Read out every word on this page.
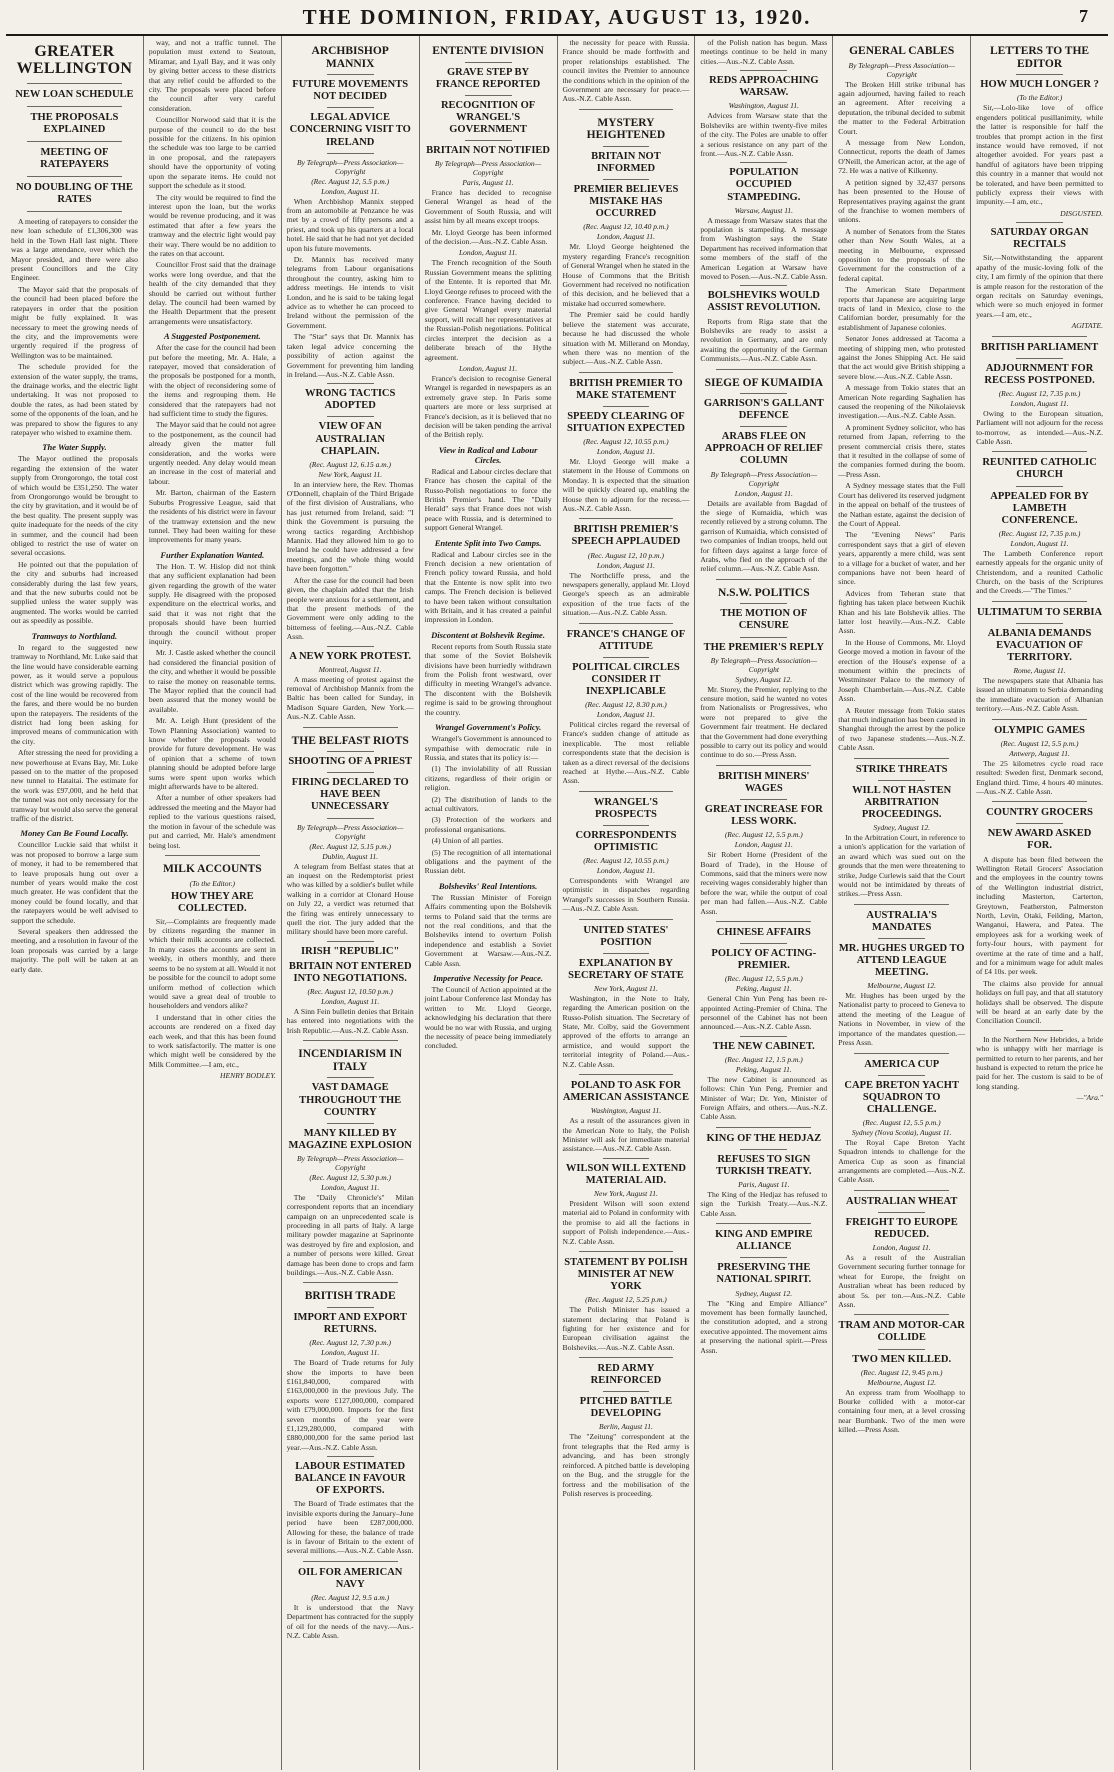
THE DOMINION, FRIDAY, AUGUST 13, 1920.	7
GREATER WELLINGTON
NEW LOAN SCHEDULE
THE PROPOSALS EXPLAINED
MEETING OF RATEPAYERS
NO DOUBLING OF THE RATES
A meeting of ratepayers to consider the new loan schedule of £1,306,300 was held in the Town Hall last night. There was a large attendance, over which the Mayor presided, and there were also present Councillors and the City Engineer.
The Mayor said that the proposals of the council had been placed before the ratepayers in order that the position might be fully explained. It was necessary to meet the growing needs of the city, and the improvements were urgently required if the progress of Wellington was to be maintained.
The schedule provided for the extension of the water supply, the trams, the drainage works, and the electric light undertaking. It was not proposed to double the rates, as had been stated by some of the opponents of the loan, and he was prepared to show the figures to any ratepayer who wished to examine them.
The Water Supply.
The Mayor outlined the proposals regarding the extension of the water supply from Orongorongo, the total cost of which would be £351,250. The water from Orongorongo would be brought to the city by gravitation, and it would be of the best quality. The present supply was quite inadequate for the needs of the city in summer, and the council had been obliged to restrict the use of water on several occasions.
He pointed out that the population of the city and suburbs had increased considerably during the last few years, and that the new suburbs could not be supplied unless the water supply was augmented. The works would be carried out as speedily as possible.
Tramways to Northland.
In regard to the suggested new tramway to Northland, Mr. Luke said that the line would have considerable earning power, as it would serve a populous district which was growing rapidly. The cost of the line would be recovered from the fares, and there would be no burden upon the ratepayers. The residents of the district had long been asking for improved means of communication with the city.
After stressing the need for providing a new powerhouse at Evans Bay, Mr. Luke passed on to the matter of the proposed new tunnel to Hataitai. The estimate for the work was £97,000, and he held that the tunnel was not only necessary for the tramway but would also serve the general traffic of the district.
Money Can Be Found Locally.
Councillor Luckie said that whilst it was not proposed to borrow a large sum of money, it had to be remembered that to leave proposals hung out over a number of years would make the cost much greater. He was confident that the money could be found locally, and that the ratepayers would be well advised to support the schedule.
Several speakers then addressed the meeting, and a resolution in favour of the loan proposals was carried by a large majority. The poll will be taken at an early date.
way, and not a traffic tunnel. The population must extend to Seatoun, Miramar, and Lyall Bay, and it was only by giving better access to these districts that any relief could be afforded to the city. The proposals were placed before the council after very careful consideration.
Councillor Norwood said that it is the purpose of the council to do the best possible for the citizens. In his opinion the schedule was too large to be carried in one proposal, and the ratepayers should have the opportunity of voting upon the separate items. He could not support the schedule as it stood.
The city would be required to find the interest upon the loan, but the works would be revenue producing, and it was estimated that after a few years the tramway and the electric light would pay their way. There would be no addition to the rates on that account.
Councillor Frost said that the drainage works were long overdue, and that the health of the city demanded that they should be carried out without further delay. The council had been warned by the Health Department that the present arrangements were unsatisfactory.
A Suggested Postponement.
After the case for the council had been put before the meeting, Mr. A. Hale, a ratepayer, moved that consideration of the proposals be postponed for a month, with the object of reconsidering some of the items and regrouping them. He considered that the ratepayers had not had sufficient time to study the figures.
The Mayor said that he could not agree to the postponement, as the council had already given the matter full consideration, and the works were urgently needed. Any delay would mean an increase in the cost of material and labour.
Mr. Barton, chairman of the Eastern Suburbs Progressive League, said that the residents of his district were in favour of the tramway extension and the new tunnel. They had been waiting for these improvements for many years.
Further Explanation Wanted.
The Hon. T. W. Hislop did not think that any sufficient explanation had been given regarding the growth of the water supply. He disagreed with the proposed expenditure on the electrical works, and said that it was not right that the proposals should have been hurried through the council without proper inquiry.
Mr. J. Castle asked whether the council had considered the financial position of the city, and whether it would be possible to raise the money on reasonable terms. The Mayor replied that the council had been assured that the money would be available.
Mr. A. Leigh Hunt (president of the Town Planning Association) wanted to know whether the proposals would provide for future development. He was of opinion that a scheme of town planning should be adopted before large sums were spent upon works which might afterwards have to be altered.
After a number of other speakers had addressed the meeting and the Mayor had replied to the various questions raised, the motion in favour of the schedule was put and carried, Mr. Hale's amendment being lost.
MILK ACCOUNTS
(To the Editor.)
HOW THEY ARE COLLECTED.
Sir,—Complaints are frequently made by citizens regarding the manner in which their milk accounts are collected. In many cases the accounts are sent in weekly, in others monthly, and there seems to be no system at all. Would it not be possible for the council to adopt some uniform method of collection which would save a great deal of trouble to householders and vendors alike?
I understand that in other cities the accounts are rendered on a fixed day each week, and that this has been found to work satisfactorily. The matter is one which might well be considered by the Milk Committee.—I am, etc.,
HENRY BODLEY.
ARCHBISHOP MANNIX
FUTURE MOVEMENTS NOT DECIDED
LEGAL ADVICE CONCERNING VISIT TO IRELAND
By Telegraph—Press Association—Copyright
(Rec. August 12, 5.5 p.m.)
London, August 11.
When Archbishop Mannix stepped from an automobile at Penzance he was met by a crowd of fifty persons and a priest, and took up his quarters at a local hotel. He said that he had not yet decided upon his future movements.
Dr. Mannix has received many telegrams from Labour organisations throughout the country, asking him to address meetings. He intends to visit London, and he is said to be taking legal advice as to whether he can proceed to Ireland without the permission of the Government.
The "Star" says that Dr. Mannix has taken legal advice concerning the possibility of action against the Government for preventing him landing in Ireland.—Aus.-N.Z. Cable Assn.
WRONG TACTICS ADOPTED
VIEW OF AN AUSTRALIAN CHAPLAIN.
(Rec. August 12, 6.15 a.m.)
New York, August 11.
In an interview here, the Rev. Thomas O'Donnell, chaplain of the Third Brigade of the first division of Australians, who has just returned from Ireland, said: "I think the Government is pursuing the wrong tactics regarding Archbishop Mannix. Had they allowed him to go to Ireland he could have addressed a few meetings, and the whole thing would have been forgotten."
After the case for the council had been given, the chaplain added that the Irish people were anxious for a settlement, and that the present methods of the Government were only adding to the bitterness of feeling.—Aus.-N.Z. Cable Assn.
A NEW YORK PROTEST.
Montreal, August 11.
A mass meeting of protest against the removal of Archbishop Mannix from the Baltic has been called for Sunday, in Madison Square Garden, New York.—Aus.-N.Z. Cable Assn.
THE BELFAST RIOTS
SHOOTING OF A PRIEST
FIRING DECLARED TO HAVE BEEN UNNECESSARY
By Telegraph—Press Association—Copyright
(Rec. August 12, 5.15 p.m.)
Dublin, August 11.
A telegram from Belfast states that at an inquest on the Redemptorist priest who was killed by a soldier's bullet while walking in a corridor at Clonard House on July 22, a verdict was returned that the firing was entirely unnecessary to quell the riot. The jury added that the military should have been more careful.
IRISH "REPUBLIC"
BRITAIN NOT ENTERED INTO NEGOTIATIONS.
(Rec. August 12, 10.50 p.m.)
London, August 11.
A Sinn Fein bulletin denies that Britain has entered into negotiations with the Irish Republic.—Aus.-N.Z. Cable Assn.
INCENDIARISM IN ITALY
VAST DAMAGE THROUGHOUT THE COUNTRY
MANY KILLED BY MAGAZINE EXPLOSION
By Telegraph—Press Association—Copyright
(Rec. August 12, 5.30 p.m.)
London, August 11.
The "Daily Chronicle's" Milan correspondent reports that an incendiary campaign on an unprecedented scale is proceeding in all parts of Italy. A large military powder magazine at Saprinonte was destroyed by fire and explosion, and a number of persons were killed. Great damage has been done to crops and farm buildings.—Aus.-N.Z. Cable Assn.
BRITISH TRADE
IMPORT AND EXPORT RETURNS.
(Rec. August 12, 7.30 p.m.)
London, August 11.
The Board of Trade returns for July show the imports to have been £161,840,000, compared with £163,000,000 in the previous July. The exports were £127,000,000, compared with £79,000,000. Imports for the first seven months of the year were £1,129,280,000, compared with £880,000,000 for the same period last year.—Aus.-N.Z. Cable Assn.
LABOUR ESTIMATED BALANCE IN FAVOUR OF EXPORTS.
The Board of Trade estimates that the invisible exports during the January–June period have been £287,000,000. Allowing for these, the balance of trade is in favour of Britain to the extent of several millions.—Aus.-N.Z. Cable Assn.
OIL FOR AMERICAN NAVY
(Rec. August 12, 9.5 a.m.)
It is understood that the Navy Department has contracted for the supply of oil for the needs of the navy.—Aus.-N.Z. Cable Assn.
ENTENTE DIVISION
GRAVE STEP BY FRANCE REPORTED
RECOGNITION OF WRANGEL'S GOVERNMENT
BRITAIN NOT NOTIFIED
By Telegraph—Press Association—Copyright
Paris, August 11.
France has decided to recognise General Wrangel as head of the Government of South Russia, and will assist him by all means except troops.
Mr. Lloyd George has been informed of the decision.—Aus.-N.Z. Cable Assn.
London, August 11.
The French recognition of the South Russian Government means the splitting of the Entente. It is reported that Mr. Lloyd George refuses to proceed with the conference. France having decided to give General Wrangel every material support, will recall her representatives at the Russian-Polish negotiations. Political circles interpret the decision as a deliberate breach of the Hythe agreement.
London, August 11.
France's decision to recognise General Wrangel is regarded in newspapers as an extremely grave step. In Paris some quarters are more or less surprised at France's decision, as it is believed that no decision will be taken pending the arrival of the British reply.
View in Radical and Labour Circles.
Radical and Labour circles declare that France has chosen the capital of the Russo-Polish negotiations to force the British Premier's hand. The "Daily Herald" says that France does not wish peace with Russia, and is determined to support General Wrangel.
Entente Split into Two Camps.
Radical and Labour circles see in the French decision a new orientation of French policy toward Russia, and hold that the Entente is now split into two camps. The French decision is believed to have been taken without consultation with Britain, and it has created a painful impression in London.
Discontent at Bolshevik Regime.
Recent reports from South Russia state that some of the Soviet Bolshevik divisions have been hurriedly withdrawn from the Polish front westward, over difficulty in meeting Wrangel's advance. The discontent with the Bolshevik regime is said to be growing throughout the country.
Wrangel Government's Policy.
Wrangel's Government is announced to sympathise with democratic rule in Russia, and states that its policy is:—
(1) The inviolability of all Russian citizens, regardless of their origin or religion.
(2) The distribution of lands to the actual cultivators.
(3) Protection of the workers and professional organisations.
(4) Union of all parties.
(5) The recognition of all international obligations and the payment of the Russian debt.
Bolsheviks' Real Intentions.
The Russian Minister of Foreign Affairs commenting upon the Bolshevik terms to Poland said that the terms are not the real conditions, and that the Bolsheviks intend to overturn Polish independence and establish a Soviet Government at Warsaw.—Aus.-N.Z. Cable Assn.
Imperative Necessity for Peace.
The Council of Action appointed at the joint Labour Conference last Monday has written to Mr. Lloyd George, acknowledging his declaration that there would be no war with Russia, and urging the necessity of peace being immediately concluded.
the necessity for peace with Russia. France should be made forthwith and proper relationships established. The council invites the Premier to announce the conditions which in the opinion of the Government are necessary for peace.—Aus.-N.Z. Cable Assn.
MYSTERY HEIGHTENED
BRITAIN NOT INFORMED
PREMIER BELIEVES MISTAKE HAS OCCURRED
(Rec. August 12, 10.40 p.m.)
London, August 11.
Mr. Lloyd George heightened the mystery regarding France's recognition of General Wrangel when he stated in the House of Commons that the British Government had received no notification of this decision, and he believed that a mistake had occurred somewhere.
The Premier said he could hardly believe the statement was accurate, because he had discussed the whole situation with M. Millerand on Monday, when there was no mention of the subject.—Aus.-N.Z. Cable Assn.
BRITISH PREMIER TO MAKE STATEMENT
SPEEDY CLEARING OF SITUATION EXPECTED
(Rec. August 12, 10.55 p.m.)
London, August 11.
Mr. Lloyd George will make a statement in the House of Commons on Monday. It is expected that the situation will be quickly cleared up, enabling the House then to adjourn for the recess.—Aus.-N.Z. Cable Assn.
BRITISH PREMIER'S SPEECH APPLAUDED
(Rec. August 12, 10 p.m.)
London, August 11.
The Northcliffe press, and the newspapers generally, applaud Mr. Lloyd George's speech as an admirable exposition of the true facts of the situation.—Aus.-N.Z. Cable Assn.
FRANCE'S CHANGE OF ATTITUDE
POLITICAL CIRCLES CONSIDER IT INEXPLICABLE
(Rec. August 12, 8.30 p.m.)
London, August 11.
Political circles regard the reversal of France's sudden change of attitude as inexplicable. The most reliable correspondents state that the decision is taken as a direct reversal of the decisions reached at Hythe.—Aus.-N.Z. Cable Assn.
WRANGEL'S PROSPECTS
CORRESPONDENTS OPTIMISTIC
(Rec. August 12, 10.55 p.m.)
London, August 11.
Correspondents with Wrangel are optimistic in dispatches regarding Wrangel's successes in Southern Russia.—Aus.-N.Z. Cable Assn.
UNITED STATES' POSITION
EXPLANATION BY SECRETARY OF STATE
New York, August 11.
Washington, in the Note to Italy, regarding the American position on the Russo-Polish situation. The Secretary of State, Mr. Colby, said the Government approved of the efforts to arrange an armistice, and would support the territorial integrity of Poland.—Aus.-N.Z. Cable Assn.
POLAND TO ASK FOR AMERICAN ASSISTANCE
Washington, August 11.
As a result of the assurances given in the American Note to Italy, the Polish Minister will ask for immediate material assistance.—Aus.-N.Z. Cable Assn.
WILSON WILL EXTEND MATERIAL AID.
New York, August 11.
President Wilson will soon extend material aid to Poland in conformity with the promise to aid all the factions in support of Polish independence.—Aus.-N.Z. Cable Assn.
STATEMENT BY POLISH MINISTER AT NEW YORK
(Rec. August 12, 5.25 p.m.)
The Polish Minister has issued a statement declaring that Poland is fighting for her existence and for European civilisation against the Bolsheviks.—Aus.-N.Z. Cable Assn.
RED ARMY REINFORCED
PITCHED BATTLE DEVELOPING
Berlin, August 11.
The "Zeitung" correspondent at the front telegraphs that the Red army is advancing, and has been strongly reinforced. A pitched battle is developing on the Bug, and the struggle for the fortress and the mobilisation of the Polish reserves is proceeding.
of the Polish nation has begun. Mass meetings continue to be held in many cities.—Aus.-N.Z. Cable Assn.
REDS APPROACHING WARSAW.
Washington, August 11.
Advices from Warsaw state that the Bolsheviks are within twenty-five miles of the city. The Poles are unable to offer a serious resistance on any part of the front.—Aus.-N.Z. Cable Assn.
POPULATION OCCUPIED STAMPEDING.
Warsaw, August 11.
A message from Warsaw states that the population is stampeding. A message from Washington says the State Department has received information that some members of the staff of the American Legation at Warsaw have moved to Posen.—Aus.-N.Z. Cable Assn.
BOLSHEVIKS WOULD ASSIST REVOLUTION.
Reports from Riga state that the Bolsheviks are ready to assist a revolution in Germany, and are only awaiting the opportunity of the German Communists.—Aus.-N.Z. Cable Assn.
SIEGE OF KUMAIDIA
GARRISON'S GALLANT DEFENCE
ARABS FLEE ON APPROACH OF RELIEF COLUMN
By Telegraph—Press Association—Copyright
London, August 11.
Details are available from Bagdad of the siege of Kumaidia, which was recently relieved by a strong column. The garrison of Kumaidia, which consisted of two companies of Indian troops, held out for fifteen days against a large force of Arabs, who fled on the approach of the relief column.—Aus.-N.Z. Cable Assn.
N.S.W. POLITICS
THE MOTION OF CENSURE
THE PREMIER'S REPLY
By Telegraph—Press Association—Copyright
Sydney, August 12.
Mr. Storey, the Premier, replying to the censure motion, said he wanted no votes from Nationalists or Progressives, who were not prepared to give the Government fair treatment. He declared that the Government had done everything possible to carry out its policy and would continue to do so.—Press Assn.
BRITISH MINERS' WAGES
GREAT INCREASE FOR LESS WORK.
(Rec. August 12, 5.5 p.m.)
London, August 11.
Sir Robert Horne (President of the Board of Trade), in the House of Commons, said that the miners were now receiving wages considerably higher than before the war, while the output of coal per man had fallen.—Aus.-N.Z. Cable Assn.
CHINESE AFFAIRS
POLICY OF ACTING-PREMIER.
(Rec. August 12, 5.5 p.m.)
Peking, August 11.
General Chin Yun Peng has been re-appointed Acting-Premier of China. The personnel of the Cabinet has not been announced.—Aus.-N.Z. Cable Assn.
THE NEW CABINET.
(Rec. August 12, 1.5 p.m.)
Peking, August 11.
The new Cabinet is announced as follows: Chin Yun Peng, Premier and Minister of War; Dr. Yen, Minister of Foreign Affairs, and others.—Aus.-N.Z. Cable Assn.
KING OF THE HEDJAZ
REFUSES TO SIGN TURKISH TREATY.
Paris, August 11.
The King of the Hedjaz has refused to sign the Turkish Treaty.—Aus.-N.Z. Cable Assn.
KING AND EMPIRE ALLIANCE
PRESERVING THE NATIONAL SPIRIT.
Sydney, August 12.
The "King and Empire Alliance" movement has been formally launched, the constitution adopted, and a strong executive appointed. The movement aims at preserving the national spirit.—Press Assn.
GENERAL CABLES
By Telegraph—Press Association—Copyright
The Broken Hill strike tribunal has again adjourned, having failed to reach an agreement. After receiving a deputation, the tribunal decided to submit the matter to the Federal Arbitration Court.
A message from New London, Connecticut, reports the death of James O'Neill, the American actor, at the age of 72. He was a native of Kilkenny.
A petition signed by 32,437 persons has been presented to the House of Representatives praying against the grant of the franchise to women members of unions.
A number of Senators from the States other than New South Wales, at a meeting in Melbourne, expressed opposition to the proposals of the Government for the construction of a federal capital.
The American State Department reports that Japanese are acquiring large tracts of land in Mexico, close to the Californian border, presumably for the establishment of Japanese colonies.
Senator Jones addressed at Tacoma a meeting of shipping men, who protested against the Jones Shipping Act. He said that the act would give British shipping a severe blow.—Aus.-N.Z. Cable Assn.
A message from Tokio states that an American Note regarding Saghalien has caused the reopening of the Nikolaievsk investigation.—Aus.-N.Z. Cable Assn.
A prominent Sydney solicitor, who has returned from Japan, referring to the present commercial crisis there, states that it resulted in the collapse of some of the companies formed during the boom.—Press Assn.
A Sydney message states that the Full Court has delivered its reserved judgment in the appeal on behalf of the trustees of the Nathan estate, against the decision of the Court of Appeal.
The "Evening News" Paris correspondent says that a girl of eleven years, apparently a mere child, was sent to a village for a bucket of water, and her companions have not been heard of since.
Advices from Teheran state that fighting has taken place between Kuchik Khan and his late Bolshevik allies. The latter lost heavily.—Aus.-N.Z. Cable Assn.
In the House of Commons, Mr. Lloyd George moved a motion in favour of the erection of the House's expense of a monument within the precincts of Westminster Palace to the memory of Joseph Chamberlain.—Aus.-N.Z. Cable Assn.
A Reuter message from Tokio states that much indignation has been caused in Shanghai through the arrest by the police of two Japanese students.—Aus.-N.Z. Cable Assn.
STRIKE THREATS
WILL NOT HASTEN ARBITRATION PROCEEDINGS.
Sydney, August 12.
In the Arbitration Court, in reference to a union's application for the variation of an award which was sued out on the grounds that the men were threatening to strike, Judge Curlewis said that the Court would not be intimidated by threats of strikes.—Press Assn.
AUSTRALIA'S MANDATES
MR. HUGHES URGED TO ATTEND LEAGUE MEETING.
Melbourne, August 12.
Mr. Hughes has been urged by the Nationalist party to proceed to Geneva to attend the meeting of the League of Nations in November, in view of the importance of the mandates question.—Press Assn.
AMERICA CUP
CAPE BRETON YACHT SQUADRON TO CHALLENGE.
(Rec. August 12, 5.5 p.m.)
Sydney (Nova Scotia), August 11.
The Royal Cape Breton Yacht Squadron intends to challenge for the America Cup as soon as financial arrangements are completed.—Aus.-N.Z. Cable Assn.
AUSTRALIAN WHEAT
FREIGHT TO EUROPE REDUCED.
London, August 11.
As a result of the Australian Government securing further tonnage for wheat for Europe, the freight on Australian wheat has been reduced by about 5s. per ton.—Aus.-N.Z. Cable Assn.
TRAM AND MOTOR-CAR COLLIDE
TWO MEN KILLED.
(Rec. August 12, 9.45 p.m.)
Melbourne, August 12.
An express tram from Woolhapp to Bourke collided with a motor-car containing four men, at a level crossing near Burnbank. Two of the men were killed.—Press Assn.
LETTERS TO THE EDITOR
HOW MUCH LONGER ?
(To the Editor.)
Sir,—Lolo-like love of office engenders political pusillanimity, while the latter is responsible for half the troubles that prompt action in the first instance would have removed, if not altogether avoided. For years past a handful of agitators have been tripping this country in a manner that would not be tolerated, and have been permitted to publicly express their views with impunity.—I am, etc.,
DISGUSTED.
SATURDAY ORGAN RECITALS
Sir,—Notwithstanding the apparent apathy of the music-loving folk of the city, I am firmly of the opinion that there is ample reason for the restoration of the organ recitals on Saturday evenings, which were so much enjoyed in former years.—I am, etc.,
AGITATE.
BRITISH PARLIAMENT
ADJOURNMENT FOR RECESS POSTPONED.
(Rec. August 12, 7.35 p.m.)
London, August 11.
Owing to the European situation, Parliament will not adjourn for the recess to-morrow, as intended.—Aus.-N.Z. Cable Assn.
REUNITED CATHOLIC CHURCH
APPEALED FOR BY LAMBETH CONFERENCE.
(Rec. August 12, 7.35 p.m.)
London, August 11.
The Lambeth Conference report earnestly appeals for the organic unity of Christendom, and a reunited Catholic Church, on the basis of the Scriptures and the Creeds.—"The Times."
ULTIMATUM TO SERBIA
ALBANIA DEMANDS EVACUATION OF TERRITORY.
Rome, August 11.
The newspapers state that Albania has issued an ultimatum to Serbia demanding the immediate evacuation of Albanian territory.—Aus.-N.Z. Cable Assn.
OLYMPIC GAMES
(Rec. August 12, 5.5 p.m.)
Antwerp, August 11.
The 25 kilometres cycle road race resulted: Sweden first, Denmark second, England third. Time, 4 hours 40 minutes.—Aus.-N.Z. Cable Assn.
COUNTRY GROCERS
NEW AWARD ASKED FOR.
A dispute has been filed between the Wellington Retail Grocers' Association and the employees in the country towns of the Wellington industrial district, including Masterton, Carterton, Greytown, Featherston, Palmerston North, Levin, Otaki, Feilding, Marton, Wanganui, Hawera, and Patea. The employees ask for a working week of forty-four hours, with payment for overtime at the rate of time and a half, and for a minimum wage for adult males of £4 10s. per week.
The claims also provide for annual holidays on full pay, and that all statutory holidays shall be observed. The dispute will be heard at an early date by the Conciliation Council.
In the Northern New Hebrides, a bride who is unhappy with her marriage is permitted to return to her parents, and her husband is expected to return the price he paid for her. The custom is said to be of long standing.
—"Ara."
